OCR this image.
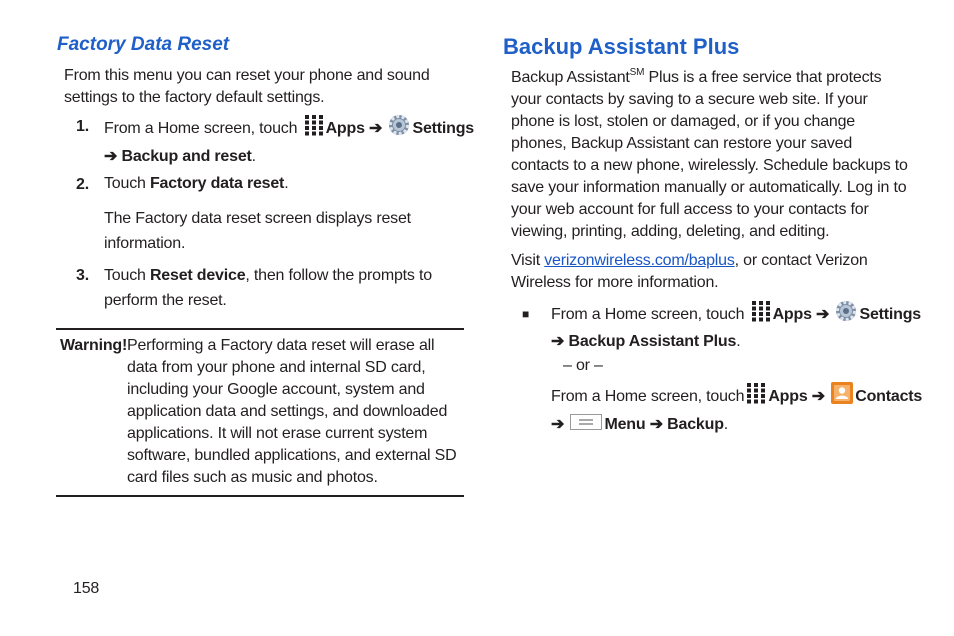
Factory Data Reset
From this menu you can reset your phone and sound settings to the factory default settings.
1. From a Home screen, touch Apps ➔ Settings ➔ Backup and reset.
2. Touch Factory data reset.
The Factory data reset screen displays reset information.
3. Touch Reset device, then follow the prompts to perform the reset.
Warning! Performing a Factory data reset will erase all data from your phone and internal SD card, including your Google account, system and application data and settings, and downloaded applications. It will not erase current system software, bundled applications, and external SD card files such as music and photos.
158
Backup Assistant Plus
Backup Assistant℠ Plus is a free service that protects your contacts by saving to a secure web site. If your phone is lost, stolen or damaged, or if you change phones, Backup Assistant can restore your saved contacts to a new phone, wirelessly. Schedule backups to save your information manually or automatically. Log in to your web account for full access to your contacts for viewing, printing, adding, deleting, and editing.
Visit verizonwireless.com/baplus, or contact Verizon Wireless for more information.
■ From a Home screen, touch Apps ➔ Settings
➔ Backup Assistant Plus.
– or –
From a Home screen, touch Apps ➔ Contacts
➔	Menu ➔ Backup.
